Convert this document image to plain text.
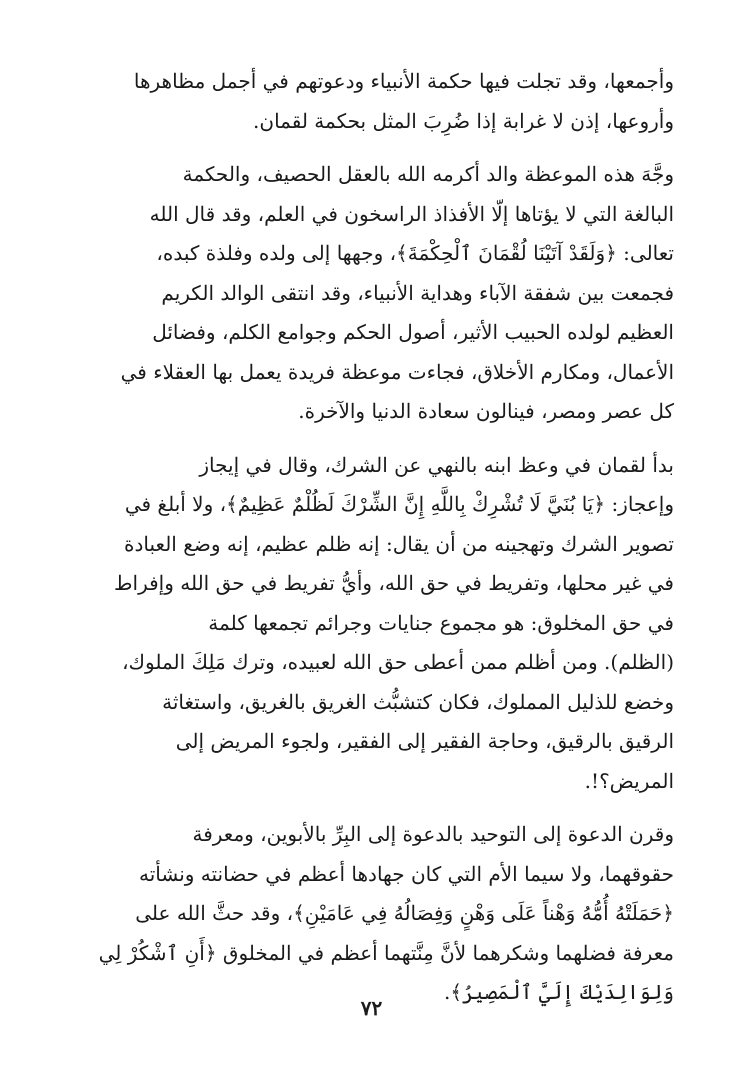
وأجمعها، وقد تجلت فيها حكمة الأنبياء ودعوتهم في أجمل مظاهرها
وأروعها، إذن لا غرابة إذا ضُرِبَ المثل بحكمة لقمان.
وجَّهَ هذه الموعظة والد أكرمه الله بالعقل الحصيف، والحكمة
البالغة التي لا يؤتاها إلّا الأفذاذ الراسخون في العلم، وقد قال الله
تعالى: ﴿وَلَقَدْ آتَيْنَا لُقْمَانَ ٱلْحِكْمَةَ﴾، وجهها إلى ولده وفلذة كبده،
فجمعت بين شفقة الآباء وهداية الأنبياء، وقد انتقى الوالد الكريم
العظيم لولده الحبيب الأثير، أصول الحكم وجوامع الكلم، وفضائل
الأعمال، ومكارم الأخلاق، فجاءت موعظة فريدة يعمل بها العقلاء في
كل عصر ومصر، فينالون سعادة الدنيا والآخرة.
بدأ لقمان في وعظ ابنه بالنهي عن الشرك، وقال في إيجاز
وإعجاز: ﴿يَا بُنَيَّ لَا تُشْرِكْ بِاللَّهِ إِنَّ الشِّرْكَ لَظُلْمٌ عَظِيمٌ﴾، ولا أبلغ في
تصوير الشرك وتهجينه من أن يقال: إنه ظلم عظيم، إنه وضع العبادة
في غير محلها، وتفريط في حق الله، وأيُّ تفريط في حق الله وإفراط
في حق المخلوق: هو مجموع جنايات وجرائم تجمعها كلمة
(الظلم). ومن أظلم ممن أعطى حق الله لعبيده، وترك مَلِكَ الملوك،
وخضع للذليل المملوك، فكان كتشبُّث الغريق بالغريق، واستغاثة
الرقيق بالرقيق، وحاجة الفقير إلى الفقير، ولجوء المريض إلى
المريض؟!.
وقرن الدعوة إلى التوحيد بالدعوة إلى البِرِّ بالأبوين، ومعرفة
حقوقهما، ولا سيما الأم التي كان جهادها أعظم في حضانته ونشأته
﴿حَمَلَتْهُ أُمُّهُ وَهْناً عَلَى وَهْنٍ وَفِصَالُهُ فِي عَامَيْنِ﴾، وقد حثَّ الله على
معرفة فضلهما وشكرهما لأنَّ مِنَّتهما أعظم في المخلوق ﴿أَنِ ٱشْكُرْ لِي
وَلِوَالِدَيْكَ إِلَيَّ ٱلْمَصِيرُ﴾.
٧٢
